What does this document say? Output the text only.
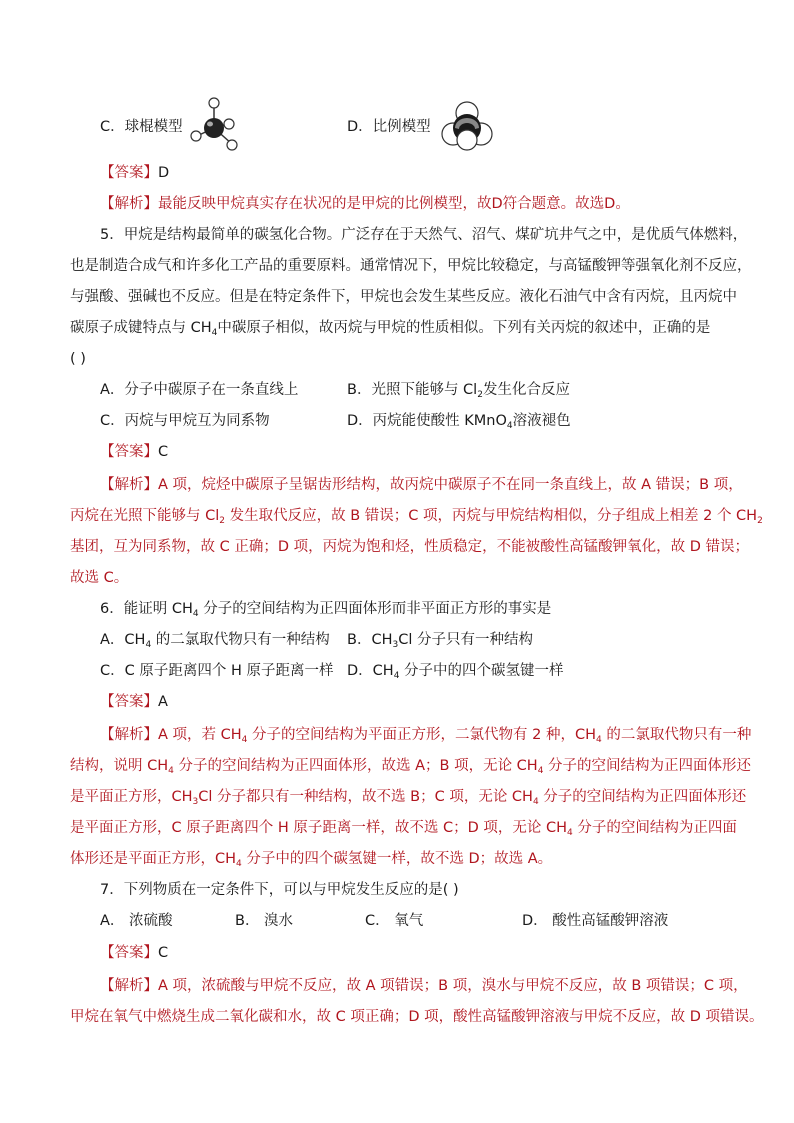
C．球棍模型	D．比例模型
【答案】D
【解析】最能反映甲烷真实存在状况的是甲烷的比例模型，故D符合题意。故选D。
5．甲烷是结构最简单的碳氢化合物。广泛存在于天然气、沼气、煤矿坑井气之中，是优质气体燃料，
也是制造合成气和许多化工产品的重要原料。通常情况下，甲烷比较稳定，与高锰酸钾等强氧化剂不反应，
与强酸、强碱也不反应。但是在特定条件下，甲烷也会发生某些反应。液化石油气中含有丙烷，且丙烷中
碳原子成键特点与 $CH_4$中碳原子相似，故丙烷与甲烷的性质相似。下列有关丙烷的叙述中，正确的是
( )
A．分子中碳原子在一条直线上	B．光照下能够与 $Cl_2$发生化合反应
C．丙烷与甲烷互为同系物	D．丙烷能使酸性 KMnO$_4$溶液褪色
【答案】C
【解析】A 项，烷烃中碳原子呈锯齿形结构，故丙烷中碳原子不在同一条直线上，故 A 错误；B 项，
丙烷在光照下能够与 $Cl_2$ 发生取代反应，故 B 错误；C 项，丙烷与甲烷结构相似，分子组成上相差 2 个 $CH_2$
基团，互为同系物，故 C 正确；D 项，丙烷为饱和烃，性质稳定，不能被酸性高锰酸钾氧化，故 D 错误；
故选 C。
6．能证明 $CH_4$ 分子的空间结构为正四面体形而非平面正方形的事实是
A．$CH_4$ 的二氯取代物只有一种结构 B．$CH_3Cl$ 分子只有一种结构
C．C 原子距离四个 H 原子距离一样 D．$CH_4$ 分子中的四个碳氢键一样
【答案】A
【解析】A 项，若 $CH_4$ 分子的空间结构为平面正方形，二氯代物有 2 种，$CH_4$ 的二氯取代物只有一种
结构，说明 $CH_4$ 分子的空间结构为正四面体形，故选 A；B 项，无论 $CH_4$ 分子的空间结构为正四面体形还
是平面正方形，$CH_3Cl$ 分子都只有一种结构，故不选 B；C 项，无论 $CH_4$ 分子的空间结构为正四面体形还
是平面正方形，C 原子距离四个 H 原子距离一样，故不选 C；D 项，无论 $CH_4$ 分子的空间结构为正四面
体形还是平面正方形，$CH_4$ 分子中的四个碳氢键一样，故不选 D；故选 A。
7．下列物质在一定条件下，可以与甲烷发生反应的是( )
A． 浓硫酸	B． 溴水	C． 氧气	D． 酸性高锰酸钾溶液
【答案】C
【解析】A 项，浓硫酸与甲烷不反应，故 A 项错误；B 项，溴水与甲烷不反应，故 B 项错误；C 项，
甲烷在氧气中燃烧生成二氧化碳和水，故 C 项正确；D 项，酸性高锰酸钾溶液与甲烷不反应，故 D 项错误。
